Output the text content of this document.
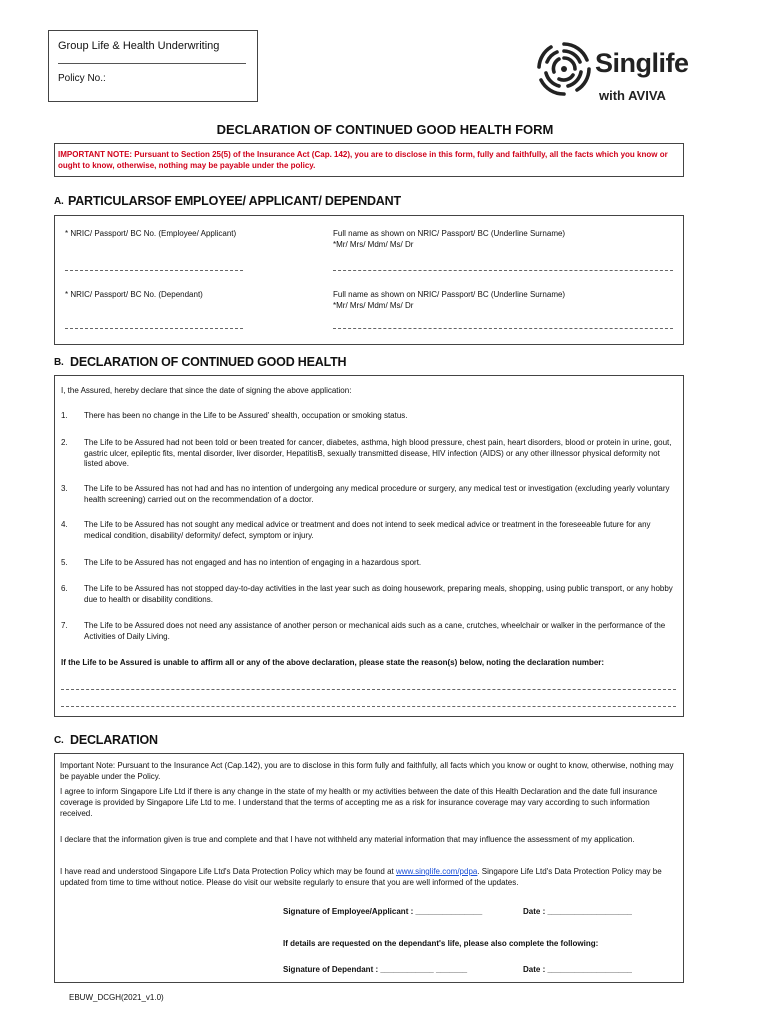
Group Life & Health Underwriting
Policy No.:
Singlife
with AVIVA
DECLARATION OF CONTINUED GOOD HEALTH FORM
IMPORTANT NOTE: Pursuant to Section 25(5) of the Insurance Act (Cap. 142), you are to disclose in this form, fully and faithfully, all the facts which you know or ought to know, otherwise, nothing may be payable under the policy.
A. PARTICULARSOF EMPLOYEE/ APPLICANT/ DEPENDANT
* NRIC/ Passport/ BC No. (Employee/ Applicant)	Full name as shown on NRIC/ Passport/ BC (Underline Surname)
*Mr/ Mrs/ Mdm/ Ms/ Dr
* NRIC/ Passport/ BC No. (Dependant)	Full name as shown on NRIC/ Passport/ BC (Underline Surname)
*Mr/ Mrs/ Mdm/ Ms/ Dr
B. DECLARATION OF CONTINUED GOOD HEALTH
I, the Assured, hereby declare that since the date of signing the above application:
1. There has been no change in the Life to be Assured' shealth, occupation or smoking status.
2. The Life to be Assured had not been told or been treated for cancer, diabetes, asthma, high blood pressure, chest pain, heart disorders, blood or protein in urine, gout, gastric ulcer, epileptic fits, mental disorder, liver disorder, HepatitisB, sexually transmitted disease, HIV infection (AIDS) or any other illnessor physical deformity not listed above.
3. The Life to be Assured has not had and has no intention of undergoing any medical procedure or surgery, any medical test or investigation (excluding yearly voluntary health screening) carried out on the recommendation of a doctor.
4. The Life to be Assured has not sought any medical advice or treatment and does not intend to seek medical advice or treatment in the foreseeable future for any medical condition, disability/ deformity/ defect, symptom or injury.
5. The Life to be Assured has not engaged and has no intention of engaging in a hazardous sport.
6. The Life to be Assured has not stopped day-to-day activities in the last year such as doing housework, preparing meals, shopping, using public transport, or any hobby due to health or disability conditions.
7. The Life to be Assured does not need any assistance of another person or mechanical aids such as a cane, crutches, wheelchair or walker in the performance of the Activities of Daily Living.
If the Life to be Assured is unable to affirm all or any of the above declaration, please state the reason(s) below, noting the declaration number:
C. DECLARATION
Important Note: Pursuant to the Insurance Act (Cap.142), you are to disclose in this form fully and faithfully, all facts which you know or ought to know, otherwise, nothing may be payable under the Policy.
I agree to inform Singapore Life Ltd if there is any change in the state of my health or my activities between the date of this Health Declaration and the date full insurance coverage is provided by Singapore Life Ltd to me. I understand that the terms of accepting me as a risk for insurance coverage may vary according to such information received.
I declare that the information given is true and complete and that I have not withheld any material information that may influence the assessment of my application.
I have read and understood Singapore Life Ltd's Data Protection Policy which may be found at www.singlife.com/pdpa. Singapore Life Ltd's Data Protection Policy may be updated from time to time without notice. Please do visit our website regularly to ensure that you are well informed of the updates.
Signature of Employee/Applicant : _______________	Date : ___________________
If details are requested on the dependant's life, please also complete the following:
Signature of Dependant : ____________ _______	Date : ___________________
EBUW_DCGH(2021_v1.0)
